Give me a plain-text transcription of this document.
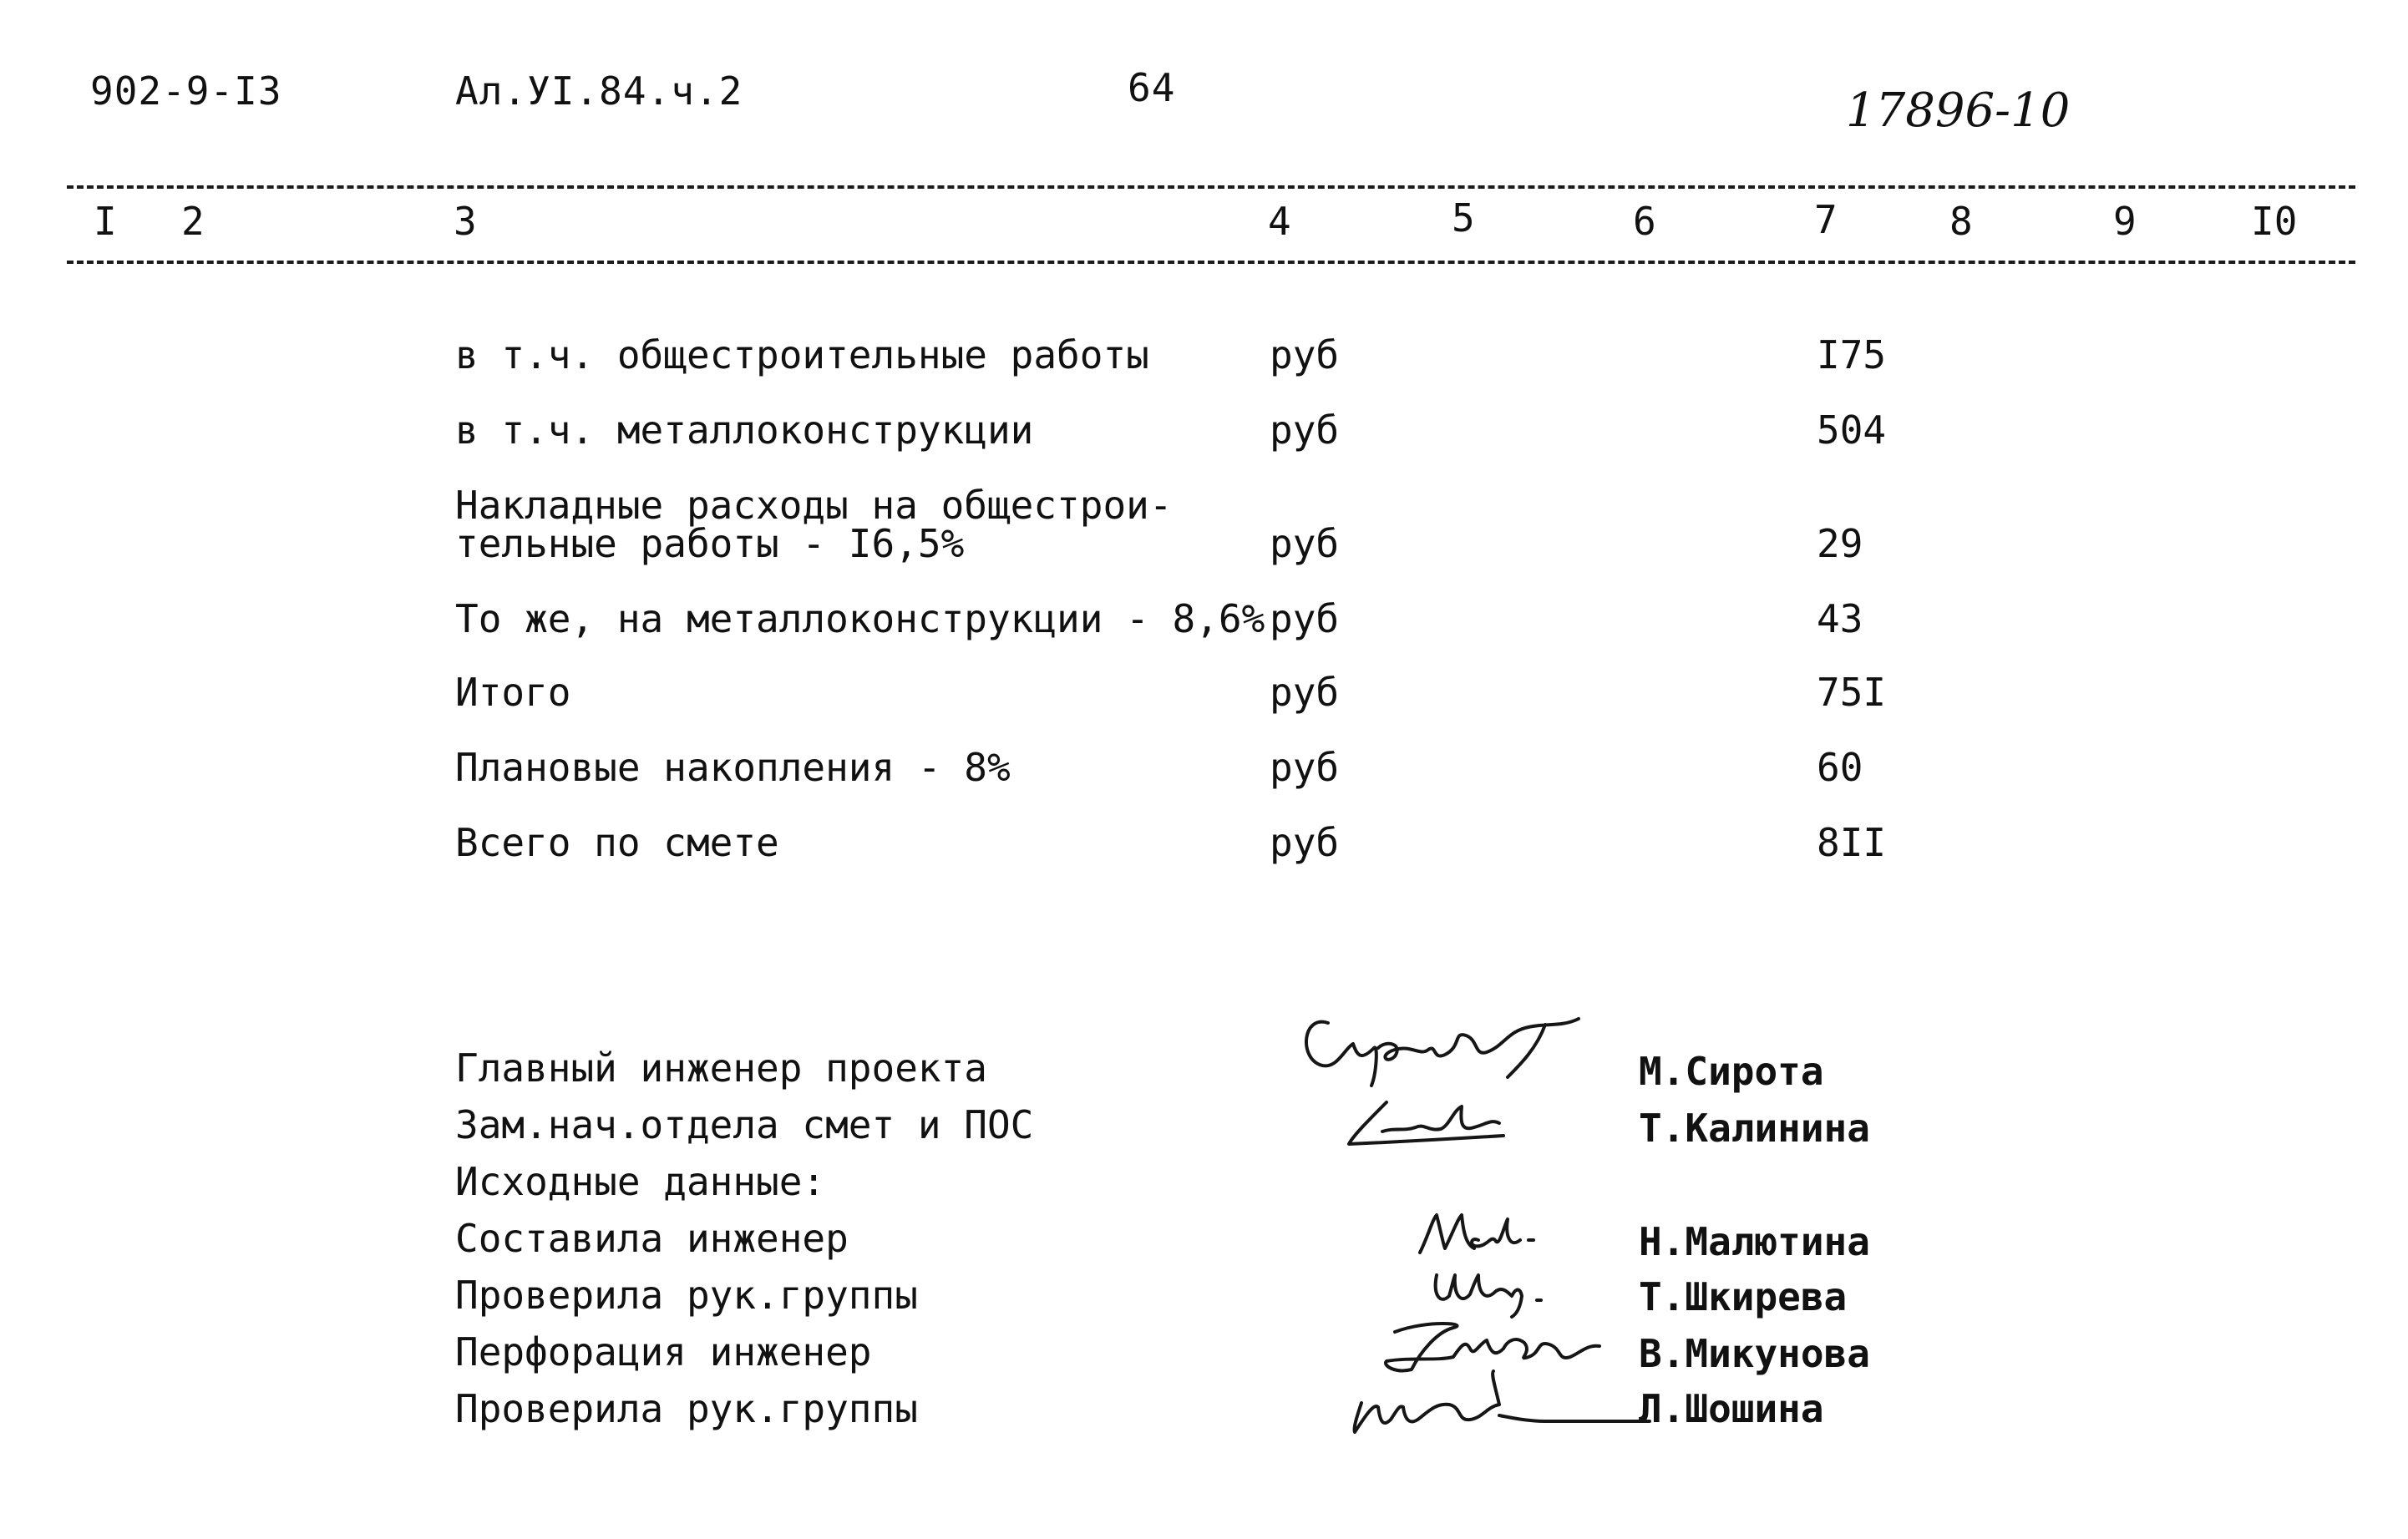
902-9-I3	Ал.УI.84.ч.2	64	17896-10
I 2	3	4	5	6	7	8	9	I0
в т.ч. общестроительные работы	руб	I75
в т.ч. металлоконструкции	руб	504
Накладные расходы на общестрои-
тельные работы - I6,5%	руб	29
То же, на металлоконструкции - 8,6% руб	43
Итого	руб	75I
Плановые накопления - 8%	руб	60
Всего по смете	руб	8II
Главный инженер проекта	М.Сирота
Зам.нач.отдела смет и ПОС	Т.Калинина
Исходные данные:
Составила инженер	Н.Малютина
Проверила рук.группы	Т.Шкирева
Перфорация инженер	В.Микунова
Проверила рук.группы	Л.Шошина
